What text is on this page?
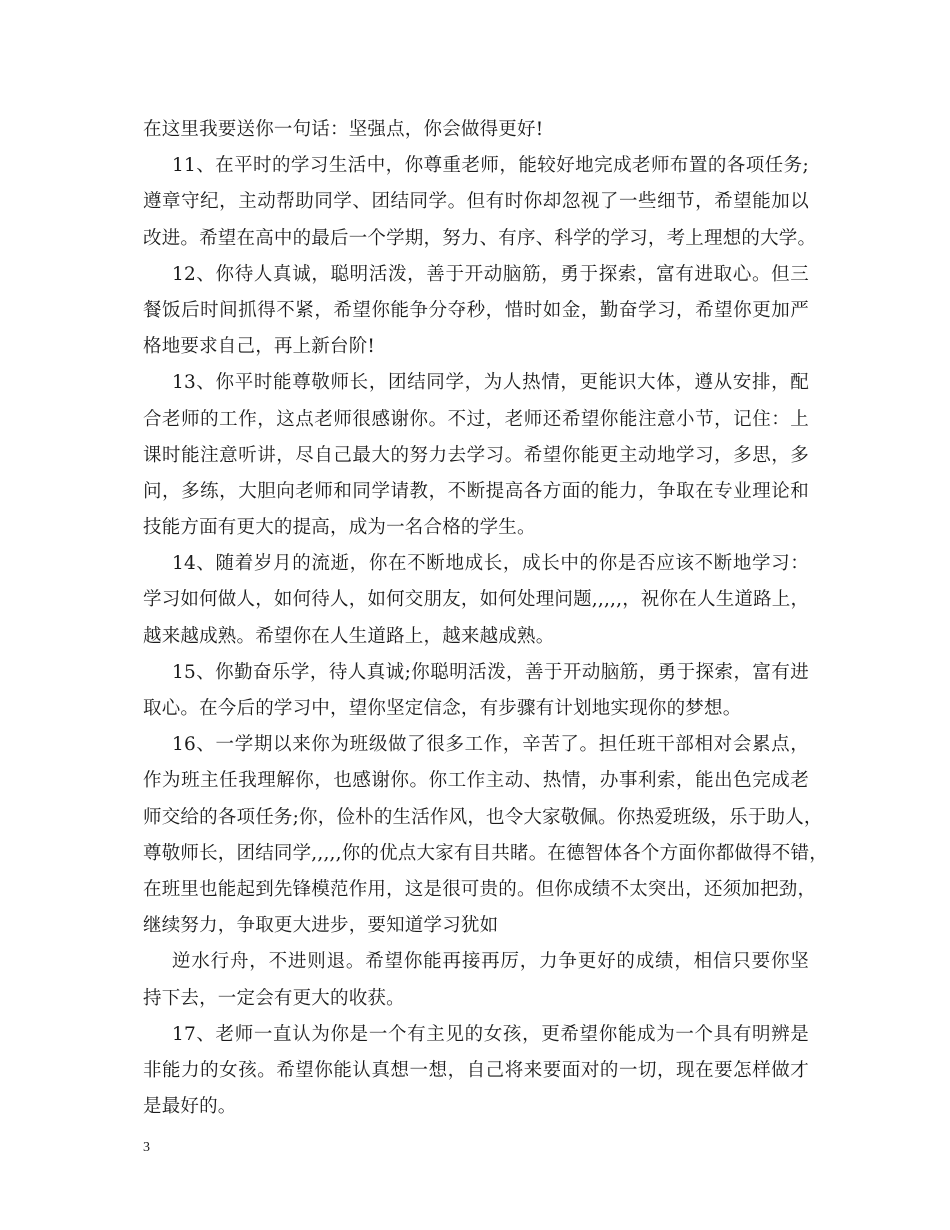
在这里我要送你一句话：坚强点，你会做得更好!
11、在平时的学习生活中，你尊重老师，能较好地完成老师布置的各项任务;
遵章守纪，主动帮助同学、团结同学。但有时你却忽视了一些细节，希望能加以
改进。希望在高中的最后一个学期，努力、有序、科学的学习，考上理想的大学。
12、你待人真诚，聪明活泼，善于开动脑筋，勇于探索，富有进取心。但三
餐饭后时间抓得不紧，希望你能争分夺秒，惜时如金，勤奋学习，希望你更加严
格地要求自己，再上新台阶!
13、你平时能尊敬师长，团结同学，为人热情，更能识大体，遵从安排，配
合老师的工作，这点老师很感谢你。不过，老师还希望你能注意小节，记住：上
课时能注意听讲，尽自己最大的努力去学习。希望你能更主动地学习，多思，多
问，多练，大胆向老师和同学请教，不断提高各方面的能力，争取在专业理论和
技能方面有更大的提高，成为一名合格的学生。
14、随着岁月的流逝，你在不断地成长，成长中的你是否应该不断地学习：
学习如何做人，如何待人，如何交朋友，如何处理问题,,,,,，祝你在人生道路上，
越来越成熟。希望你在人生道路上，越来越成熟。
15、你勤奋乐学，待人真诚;你聪明活泼，善于开动脑筋，勇于探索，富有进
取心。在今后的学习中，望你坚定信念，有步骤有计划地实现你的梦想。
16、一学期以来你为班级做了很多工作，辛苦了。担任班干部相对会累点，
作为班主任我理解你，也感谢你。你工作主动、热情，办事利索，能出色完成老
师交给的各项任务;你，俭朴的生活作风，也令大家敬佩。你热爱班级，乐于助人，
尊敬师长，团结同学,,,,,你的优点大家有目共睹。在德智体各个方面你都做得不错，
在班里也能起到先锋模范作用，这是很可贵的。但你成绩不太突出，还须加把劲，
继续努力，争取更大进步，要知道学习犹如
逆水行舟，不进则退。希望你能再接再厉，力争更好的成绩，相信只要你坚
持下去，一定会有更大的收获。
17、老师一直认为你是一个有主见的女孩，更希望你能成为一个具有明辨是
非能力的女孩。希望你能认真想一想，自己将来要面对的一切，现在要怎样做才
是最好的。
3
